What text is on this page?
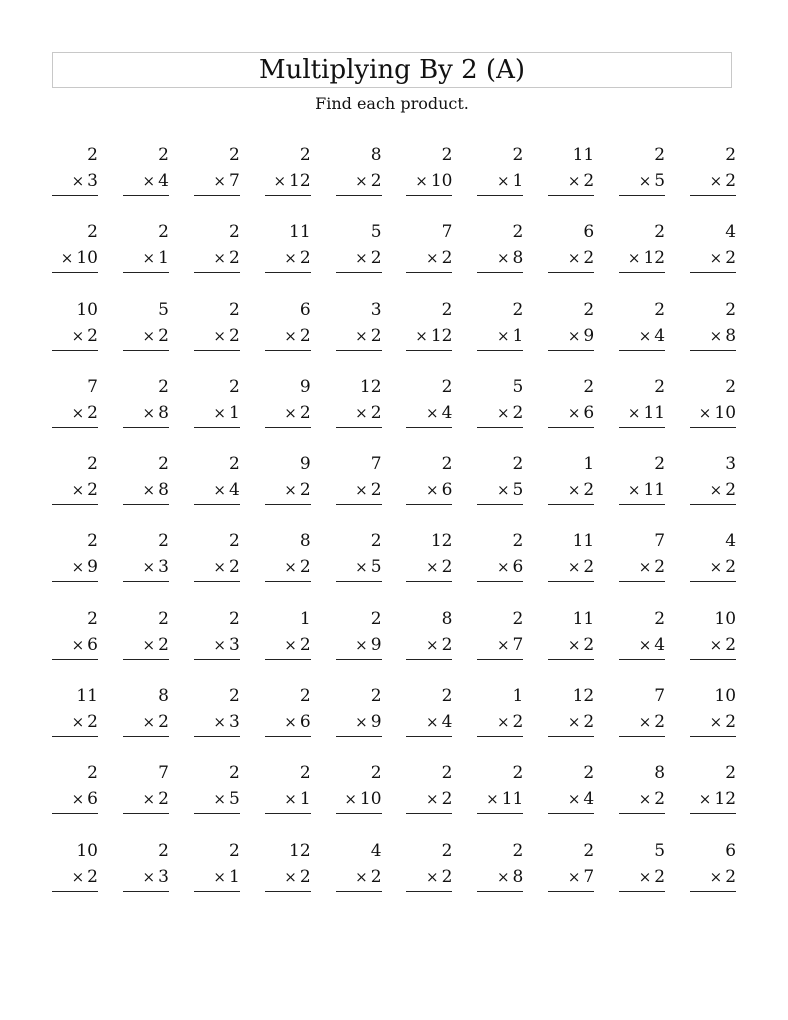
Multiplying By 2 (A)
Find each product.
2
× 3
2
× 4
2
× 7
2
× 12
8
× 2
2
× 10
2
× 1
11
× 2
2
× 5
2
× 2
2
× 10
2
× 1
2
× 2
11
× 2
5
× 2
7
× 2
2
× 8
6
× 2
2
× 12
4
× 2
10
× 2
5
× 2
2
× 2
6
× 2
3
× 2
2
× 12
2
× 1
2
× 9
2
× 4
2
× 8
7
× 2
2
× 8
2
× 1
9
× 2
12
× 2
2
× 4
5
× 2
2
× 6
2
× 11
2
× 10
2
× 2
2
× 8
2
× 4
9
× 2
7
× 2
2
× 6
2
× 5
1
× 2
2
× 11
3
× 2
2
× 9
2
× 3
2
× 2
8
× 2
2
× 5
12
× 2
2
× 6
11
× 2
7
× 2
4
× 2
2
× 6
2
× 2
2
× 3
1
× 2
2
× 9
8
× 2
2
× 7
11
× 2
2
× 4
10
× 2
11
× 2
8
× 2
2
× 3
2
× 6
2
× 9
2
× 4
1
× 2
12
× 2
7
× 2
10
× 2
2
× 6
7
× 2
2
× 5
2
× 1
2
× 10
2
× 2
2
× 11
2
× 4
8
× 2
2
× 12
10
× 2
2
× 3
2
× 1
12
× 2
4
× 2
2
× 2
2
× 8
2
× 7
5
× 2
6
× 2
